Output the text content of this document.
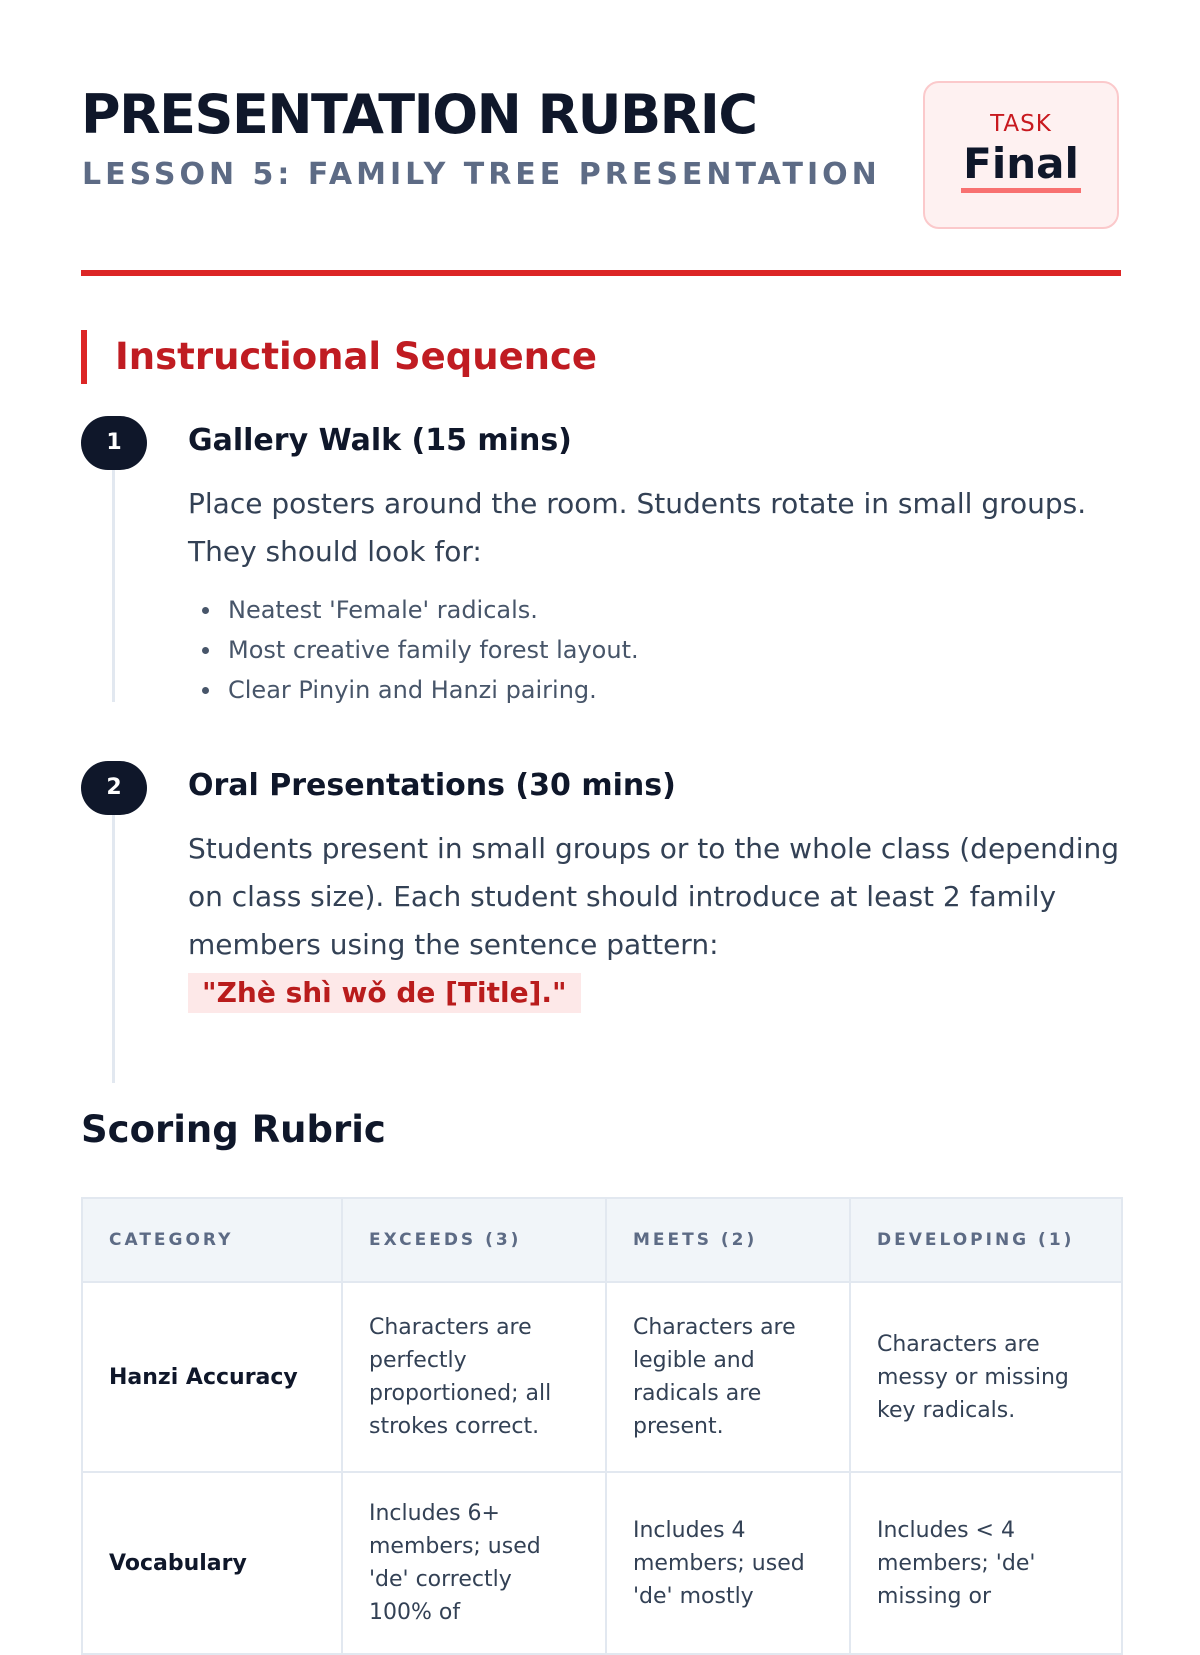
PRESENTATION RUBRIC
LESSON 5: FAMILY TREE PRESENTATION
TASK
Final
Instructional Sequence
1	Gallery Walk (15 mins)

Place posters around the room. Students rotate in small groups. They should look for:

Neatest 'Female' radicals.
Most creative family forest layout.
Clear Pinyin and Hanzi pairing.
2	Oral Presentations (30 mins)

Students present in small groups or to the whole class (depending on class size). Each student should introduce at least 2 family members using the sentence pattern:

"Zhè shì wǒ de [Title]."
Scoring Rubric
CATEGORY	EXCEEDS (3)	MEETS (2)	DEVELOPING (1)
Hanzi Accuracy	Characters are perfectly proportioned; all strokes correct.	Characters are legible and radicals are present.	Characters are messy or missing key radicals.
Vocabulary	Includes 6+ members; used 'de' correctly 100% of	Includes 4 members; used 'de' mostly	Includes < 4 members; 'de' missing or
